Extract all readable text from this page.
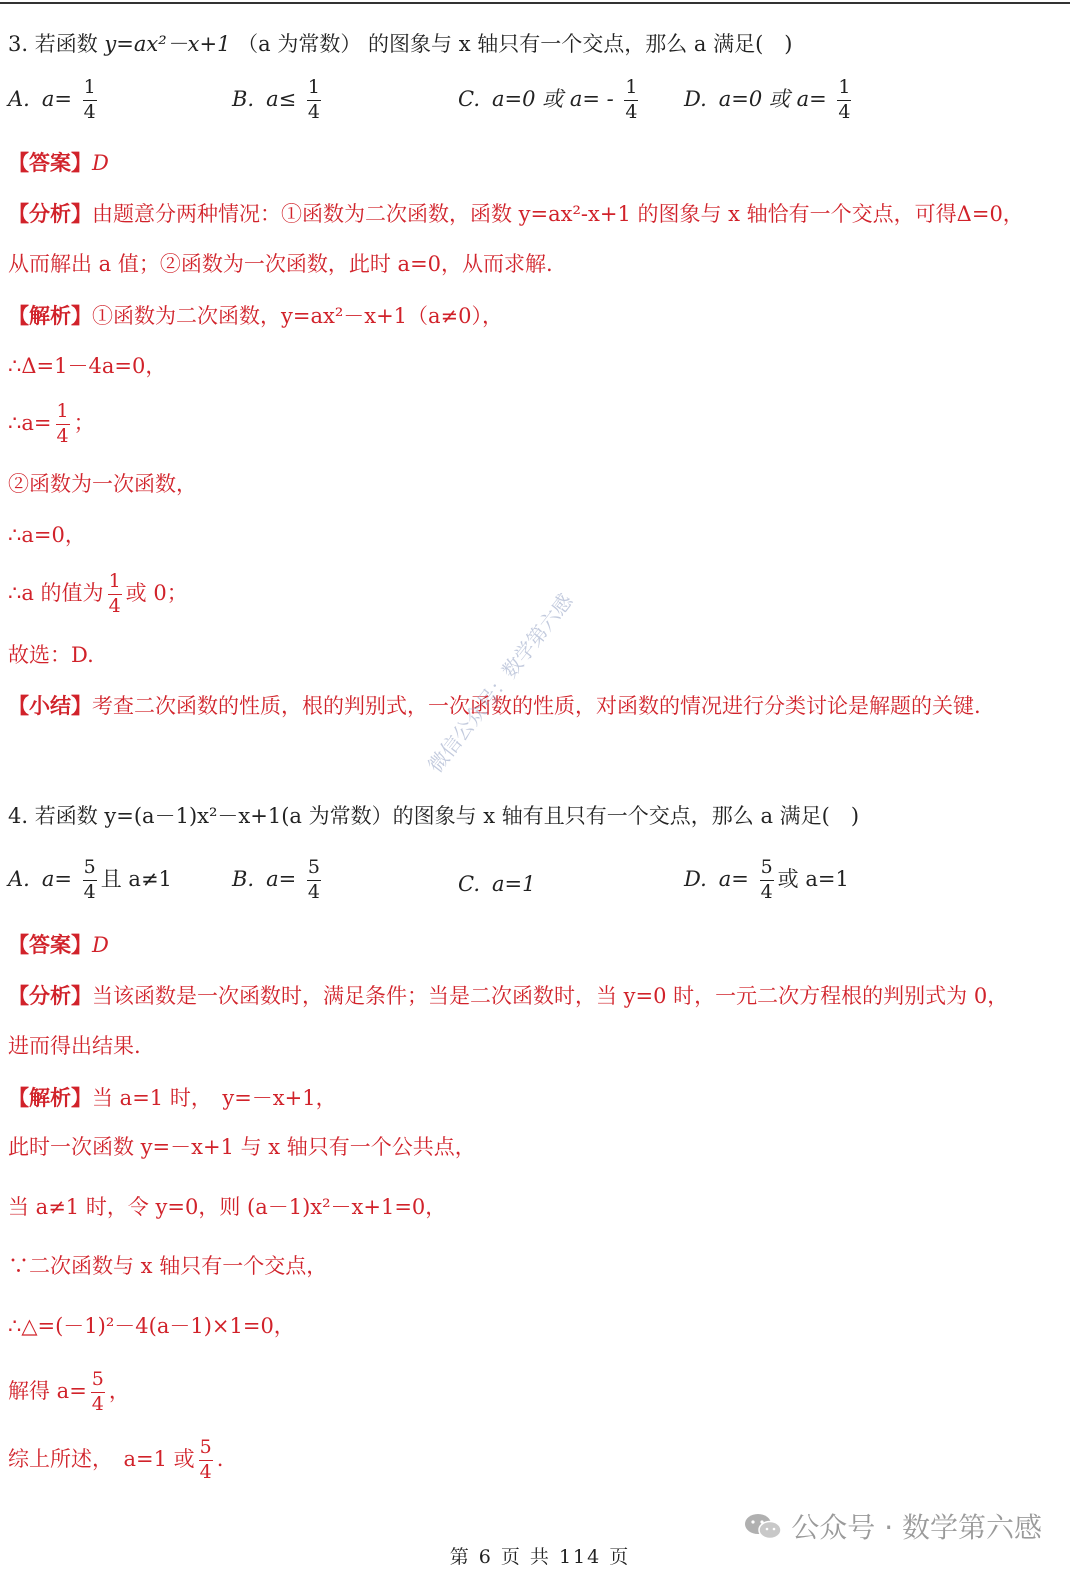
3. 若函数 y=ax²－x+1 （a 为常数） 的图象与 x 轴只有一个交点，那么 a 满足(　)
A. $a= \frac{1}{4}$	B. $a\le \frac{1}{4}$	C. a=0 或 $a= - \frac{1}{4} D$. a=0 或 $a= \frac{1}{4}$
【答案】D
【分析】由题意分两种情况：①函数为二次函数，函数 y=ax²-x+1 的图象与 x 轴恰有一个交点，可得Δ=0，
从而解出 a 值；②函数为一次函数，此时 a=0，从而求解.
【解析】①函数为二次函数，y=ax²－x+1（a≠0），
∴Δ=1－4a=0，
∴a= $\frac{1}{4}$ ；
②函数为一次函数，
∴a=0，
∴a 的值为 $\frac{1}{4}$ 或 0；
故选：D.
【小结】考查二次函数的性质，根的判别式，一次函数的性质，对函数的情况进行分类讨论是解题的关键.
微信公众号：数学第六感
4. 若函数 y=(a－1)x²－x+1(a 为常数）的图象与 x 轴有且只有一个交点，那么 a 满足(　)
A. $a= \frac{5}{4}$ 且 a≠1	B. $a= \frac{5}{4}$	C. a=1	D. $a= \frac{5}{4}$ 或 a=1
【答案】D
【分析】当该函数是一次函数时，满足条件；当是二次函数时，当 y=0 时，一元二次方程根的判别式为 0，
进而得出结果.
【解析】当 a=1 时，　y=－x+1，
此时一次函数 y=－x+1 与 x 轴只有一个公共点，
当 a≠1 时，令 y=0，则 (a－1)x²－x+1=0，
∵二次函数与 x 轴只有一个交点，
∴△=(－1)²－4(a－1)×1=0，
解得 $a= \frac{5}{4}$ ，
综上所述，　a=1 或 $\frac{5}{4}$ .
公众号 · 数学第六感
第 6 页 共 114 页
